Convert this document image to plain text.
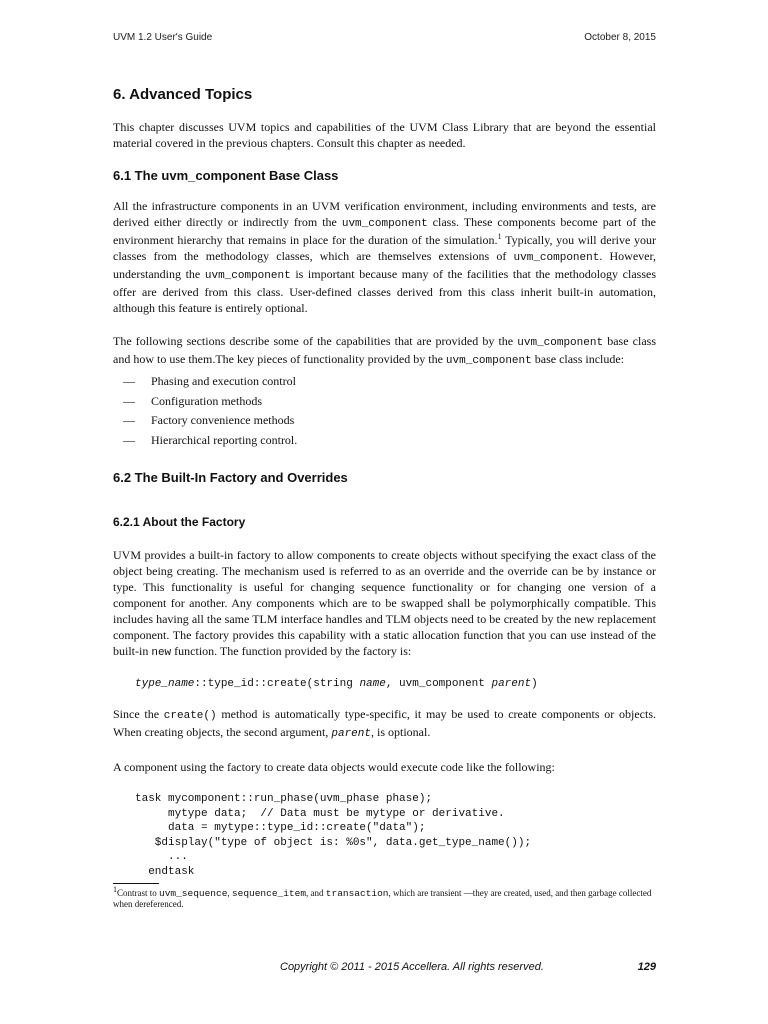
UVM 1.2 User's Guide	October 8, 2015
6. Advanced Topics

This chapter discusses UVM topics and capabilities of the UVM Class Library that are beyond the essential material covered in the previous chapters. Consult this chapter as needed.

6.1 The uvm_component Base Class

All the infrastructure components in an UVM verification environment, including environments and tests, are derived either directly or indirectly from the uvm_component class. These components become part of the environment hierarchy that remains in place for the duration of the simulation.$^1$ Typically, you will derive your classes from the methodology classes, which are themselves extensions of uvm_component. However, understanding the uvm_component is important because many of the facilities that the methodology classes offer are derived from this class. User-defined classes derived from this class inherit built-in automation, although this feature is entirely optional.

The following sections describe some of the capabilities that are provided by the uvm_component base class and how to use them.The key pieces of functionality provided by the uvm_component base class include:

—	Phasing and execution control
—	Configuration methods
—	Factory convenience methods
—	Hierarchical reporting control.
6.2 The Built-In Factory and Overrides
6.2.1 About the Factory

UVM provides a built-in factory to allow components to create objects without specifying the exact class of the object being creating. The mechanism used is referred to as an override and the override can be by instance or type. This functionality is useful for changing sequence functionality or for changing one version of a component for another. Any components which are to be swapped shall be polymorphically compatible. This includes having all the same TLM interface handles and TLM objects need to be created by the new replacement component. The factory provides this capability with a static allocation function that you can use instead of the built-in new function. The function provided by the factory is:

type_name::type_id::create(string name, uvm_component parent)

Since the create() method is automatically type-specific, it may be used to create components or objects. When creating objects, the second argument, parent, is optional.

A component using the factory to create data objects would execute code like the following:

task mycomponent::run_phase(uvm_phase phase);
mytype data;  // Data must be mytype or derivative.
data = mytype::type_id::create("data");
$display("type of object is: %0s", data.get_type_name());
...
endtask
1Contrast to uvm_sequence, sequence_item, and transaction, which are transient —they are created, used, and then garbage collected when dereferenced.
Copyright © 2011 - 2015 Accellera. All rights reserved.	129
